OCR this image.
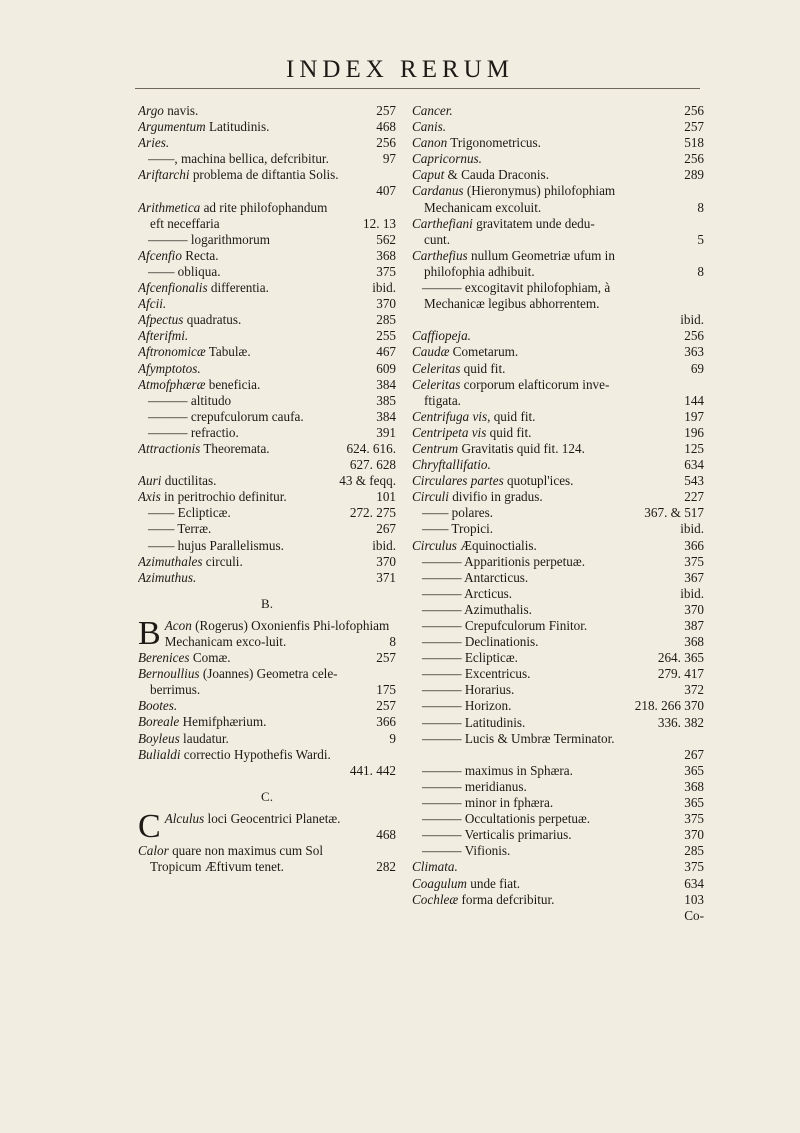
INDEX RERUM
Argo navis.	257
Argumentum Latitudinis.	468
Aries.	256
——, machina bellica, defcribitur.	97
Ariftarchi problema de diftantia Solis.
407
Arithmetica ad rite philofophandum
eft neceffaria	12. 13
——— logarithmorum	562
Afcenfio Recta.	368
—— obliqua.	375
Afcenfionalis differentia.	ibid.
Afcii.	370
Afpectus quadratus.	285
Afterifmi.	255
Aftronomicæ Tabulæ.	467
Afymptotos.	609
Atmofphæræ beneficia.	384
——— altitudo	385
——— crepufculorum caufa.	384
——— refractio.	391
Attractionis Theoremata.	624. 616.
627. 628
Auri ductilitas.	43 & feqq.
Axis in peritrochio definitur.	101
—— Eclipticæ.	272. 275
—— Terræ.	267
—— hujus Parallelismus.	ibid.
Azimuthales circuli.	370
Azimuthus.	371
B.
B Acon (Rogerus) Oxonienfis Phi-lofophiam Mechanicam exco-luit.	8
Berenices Comæ.	257
Bernoullius (Joannes) Geometra cele-
berrimus.	175
Bootes.	257
Boreale Hemifphærium.	366
Boyleus laudatur.	9
Bulialdi correctio Hypothefis Wardi.
441. 442
C.
C Alculus loci Geocentrici Planetæ.

468
Calor quare non maximus cum Sol
Tropicum Æftivum tenet.	282
Cancer.	256
Canis.	257
Canon Trigonometricus.	518
Capricornus.	256
Caput & Cauda Draconis.	289
Cardanus (Hieronymus) philofophiam
Mechanicam excoluit.	8
Carthefiani gravitatem unde dedu-
cunt.	5
Carthefius nullum Geometriæ ufum in
philofophia adhibuit.	8
——— excogitavit philofophiam, à
Mechanicæ legibus abhorrentem.
ibid.
Caffiopeja.	256
Caudæ Cometarum.	363
Celeritas quid fit.	69
Celeritas corporum elafticorum inve-
ftigata.	144
Centrifuga vis, quid fit.	197
Centripeta vis quid fit.	196
Centrum Gravitatis quid fit. 124.	125
Chryftallifatio.	634
Circulares partes quotupl'ices.	543
Circuli divifio in gradus.	227
—— polares.	367. & 517
—— Tropici.	ibid.
Circulus Æquinoctialis.	366
——— Apparitionis perpetuæ.	375
——— Antarcticus.	367
——— Arcticus.	ibid.
——— Azimuthalis.	370
——— Crepufculorum Finitor.	387
——— Declinationis.	368
——— Eclipticæ.	264. 365
——— Excentricus.	279. 417
——— Horarius.	372
——— Horizon.	218. 266 370
——— Latitudinis.	336. 382
——— Lucis & Umbræ Terminator.
267
——— maximus in Sphæra.	365
——— meridianus.	368
——— minor in fphæra.	365
——— Occultationis perpetuæ.	375
——— Verticalis primarius.	370
——— Vifionis.	285
Climata.	375
Coagulum unde fiat.	634
Cochleæ forma defcribitur.	103
Co-
